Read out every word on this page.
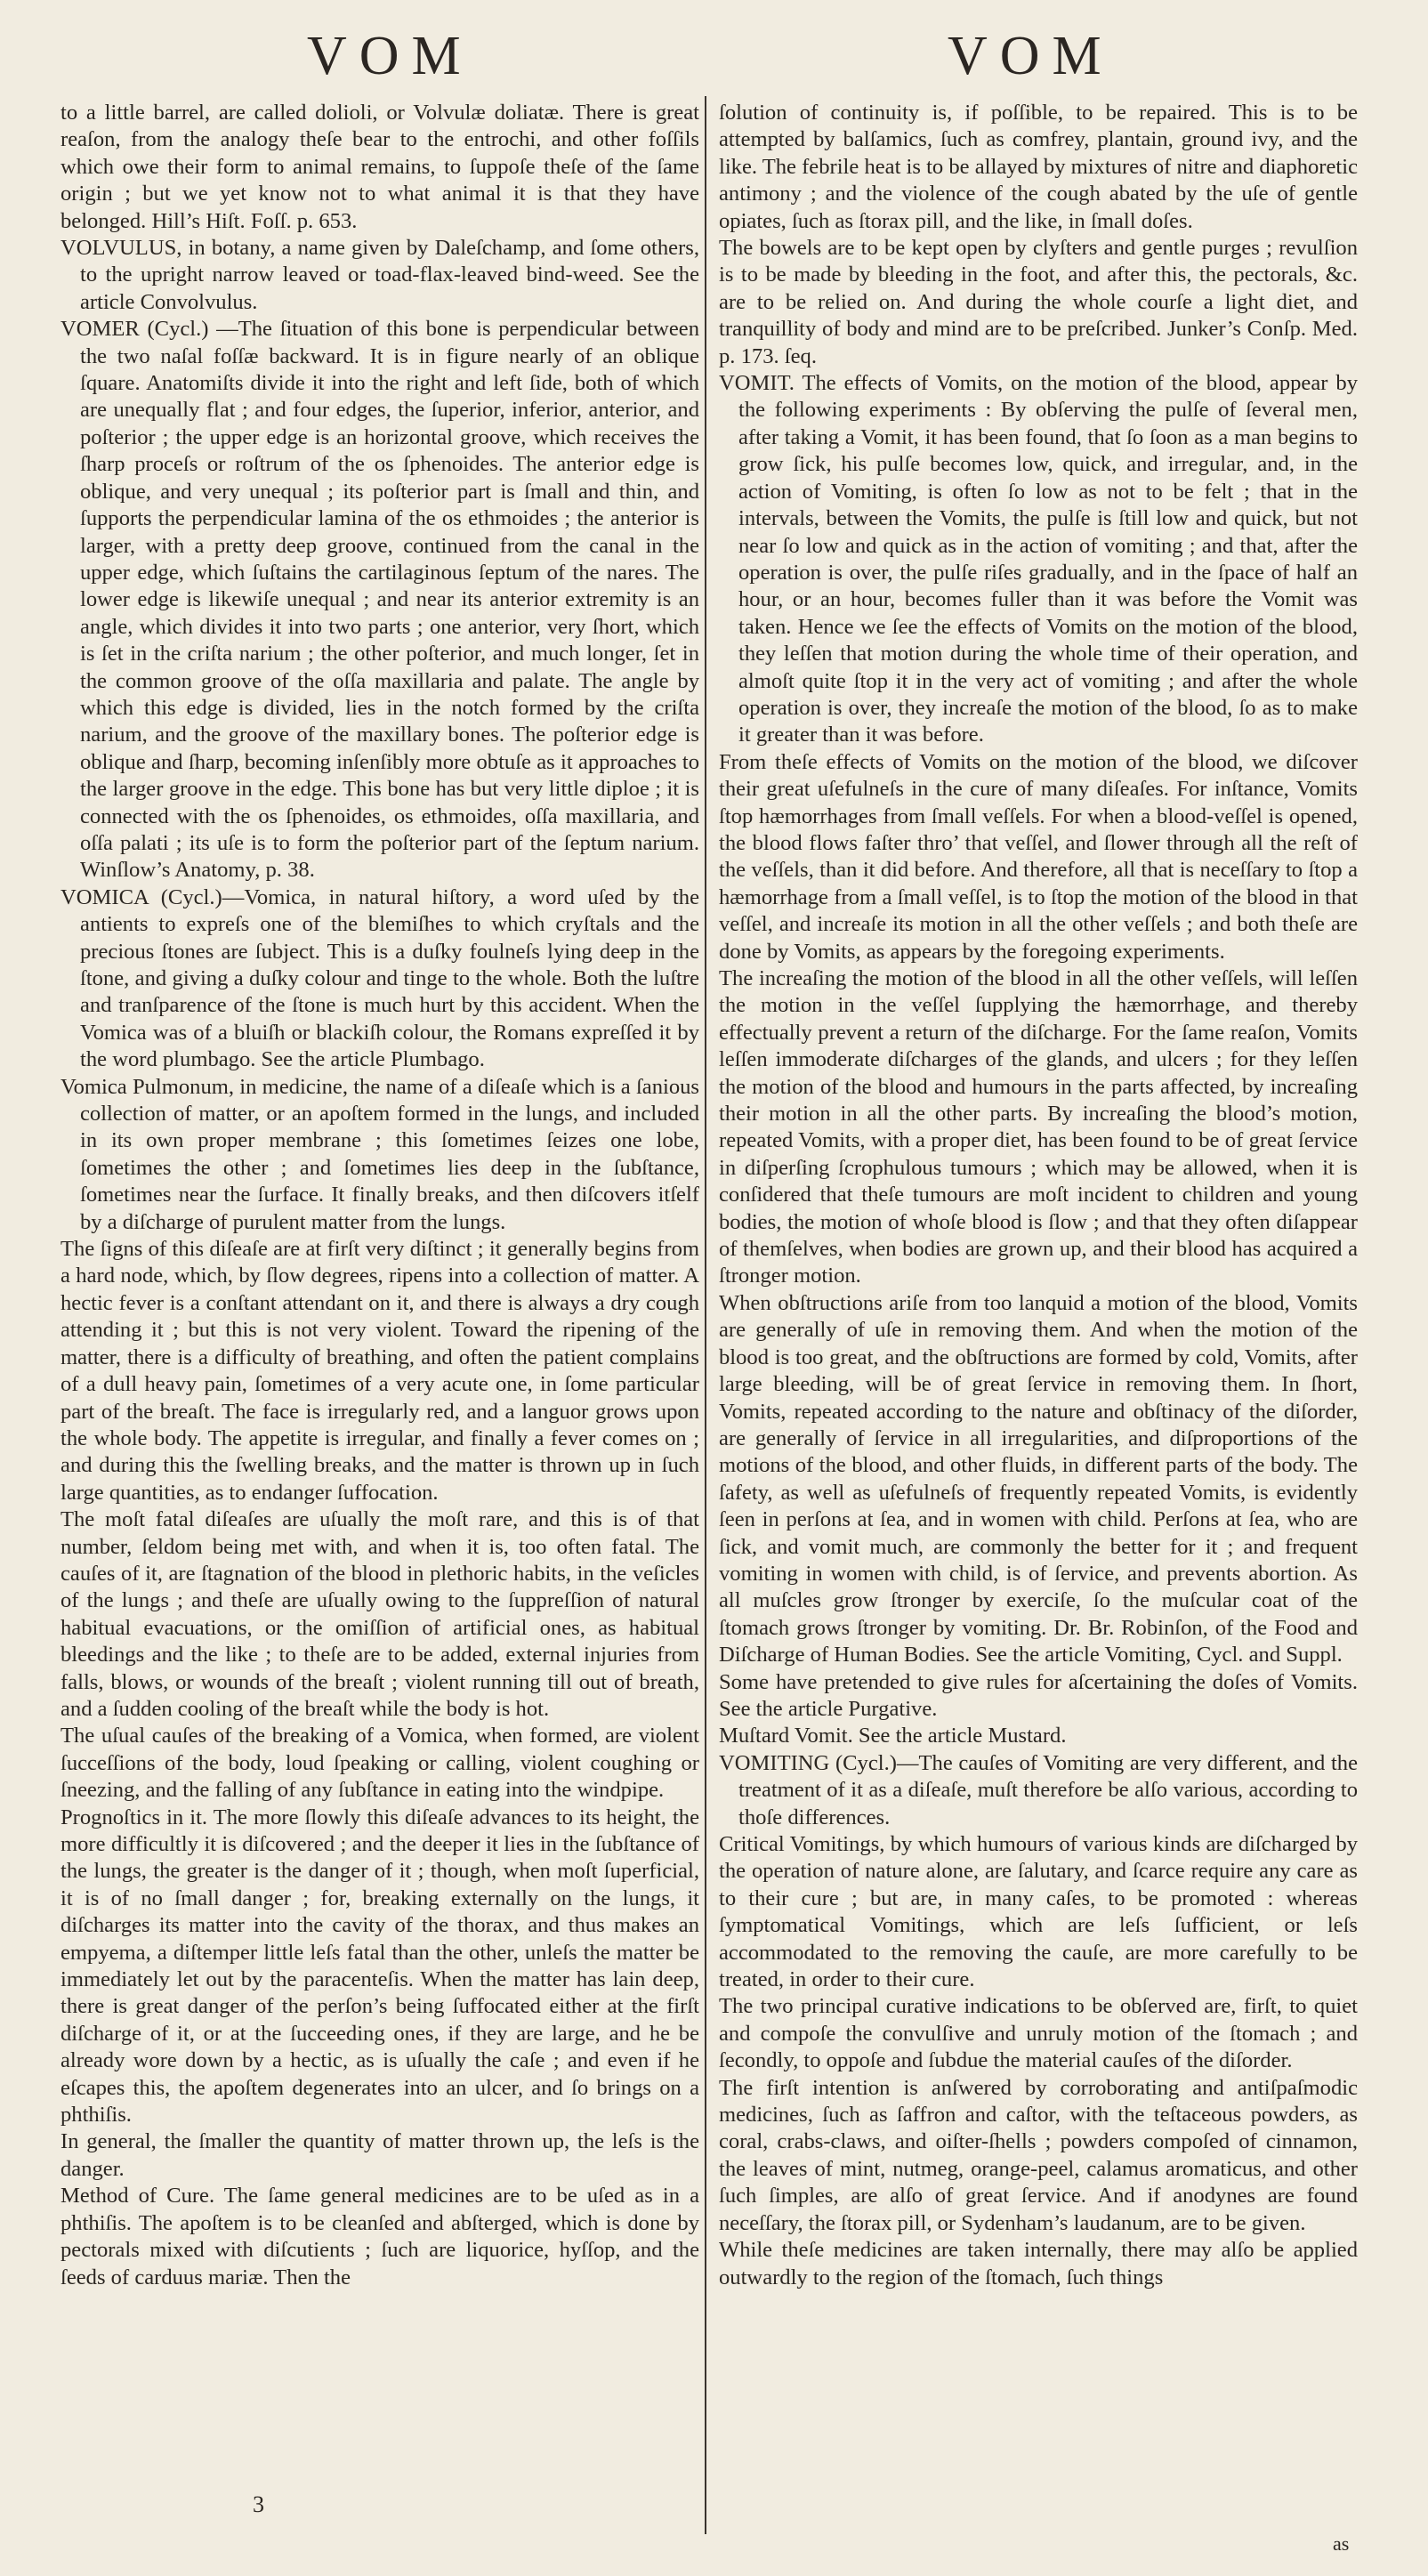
VOM	VOM

to a little barrel, are called dolioli, or Volvulæ doliatæ. There is great reaſon, from the analogy theſe bear to the entrochi, and other foſſils which owe their form to animal remains, to ſuppoſe theſe of the ſame origin ; but we yet know not to what animal it is that they have belonged. Hill’s Hiſt. Foſſ. p. 653.

VOLVULUS, in botany, a name given by Daleſchamp, and ſome others, to the upright narrow leaved or toad-flax-leaved bind-weed. See the article Convolvulus.

VOMER (Cycl.) —The ſituation of this bone is perpendicular between the two naſal foſſæ backward. It is in figure nearly of an oblique ſquare. Anatomiſts divide it into the right and left ſide, both of which are unequally flat ; and four edges, the ſuperior, inferior, anterior, and poſterior ; the upper edge is an horizontal groove, which receives the ſharp proceſs or roſtrum of the os ſphenoides. The anterior edge is oblique, and very unequal ; its poſterior part is ſmall and thin, and ſupports the perpendicular lamina of the os ethmoides ; the anterior is larger, with a pretty deep groove, continued from the canal in the upper edge, which ſuſtains the cartilaginous ſeptum of the nares. The lower edge is likewiſe unequal ; and near its anterior extremity is an angle, which divides it into two parts ; one anterior, very ſhort, which is ſet in the criſta narium ; the other poſterior, and much longer, ſet in the common groove of the oſſa maxillaria and palate. The angle by which this edge is divided, lies in the notch formed by the criſta narium, and the groove of the maxillary bones. The poſterior edge is oblique and ſharp, becoming inſenſibly more obtuſe as it approaches to the larger groove in the edge. This bone has but very little diploe ; it is connected with the os ſphenoides, os ethmoides, oſſa maxillaria, and oſſa palati ; its uſe is to form the poſterior part of the ſeptum narium. Winſlow’s Anatomy, p. 38.

VOMICA (Cycl.)—Vomica, in natural hiſtory, a word uſed by the antients to expreſs one of the blemiſhes to which cryſtals and the precious ſtones are ſubject. This is a duſky foulneſs lying deep in the ſtone, and giving a duſky colour and tinge to the whole. Both the luſtre and tranſparence of the ſtone is much hurt by this accident. When the Vomica was of a bluiſh or blackiſh colour, the Romans expreſſed it by the word plumbago. See the article Plumbago.

Vomica Pulmonum, in medicine, the name of a diſeaſe which is a ſanious collection of matter, or an apoſtem formed in the lungs, and included in its own proper membrane ; this ſometimes ſeizes one lobe, ſometimes the other ; and ſometimes lies deep in the ſubſtance, ſometimes near the ſurface. It finally breaks, and then diſcovers itſelf by a diſcharge of purulent matter from the lungs.

The ſigns of this diſeaſe are at firſt very diſtinct ; it generally begins from a hard node, which, by ſlow degrees, ripens into a collection of matter. A hectic fever is a conſtant attendant on it, and there is always a dry cough attending it ; but this is not very violent. Toward the ripening of the matter, there is a difficulty of breathing, and often the patient complains of a dull heavy pain, ſometimes of a very acute one, in ſome particular part of the breaſt. The face is irregularly red, and a languor grows upon the whole body. The appetite is irregular, and finally a fever comes on ; and during this the ſwelling breaks, and the matter is thrown up in ſuch large quantities, as to endanger ſuffocation.

The moſt fatal diſeaſes are uſually the moſt rare, and this is of that number, ſeldom being met with, and when it is, too often fatal. The cauſes of it, are ſtagnation of the blood in plethoric habits, in the veſicles of the lungs ; and theſe are uſually owing to the ſuppreſſion of natural habitual evacuations, or the omiſſion of artificial ones, as habitual bleedings and the like ; to theſe are to be added, external injuries from falls, blows, or wounds of the breaſt ; violent running till out of breath, and a ſudden cooling of the breaſt while the body is hot.

The uſual cauſes of the breaking of a Vomica, when formed, are violent ſucceſſions of the body, loud ſpeaking or calling, violent coughing or ſneezing, and the falling of any ſubſtance in eating into the windpipe.

Prognoſtics in it. The more ſlowly this diſeaſe advances to its height, the more difficultly it is diſcovered ; and the deeper it lies in the ſubſtance of the lungs, the greater is the danger of it ; though, when moſt ſuperficial, it is of no ſmall danger ; for, breaking externally on the lungs, it diſcharges its matter into the cavity of the thorax, and thus makes an empyema, a diſtemper little leſs fatal than the other, unleſs the matter be immediately let out by the paracenteſis. When the matter has lain deep, there is great danger of the perſon’s being ſuffocated either at the firſt diſcharge of it, or at the ſucceeding ones, if they are large, and he be already wore down by a hectic, as is uſually the caſe ; and even if he eſcapes this, the apoſtem degenerates into an ulcer, and ſo brings on a phthiſis.

In general, the ſmaller the quantity of matter thrown up, the leſs is the danger.

Method of Cure. The ſame general medicines are to be uſed as in a phthiſis. The apoſtem is to be cleanſed and abſterged, which is done by pectorals mixed with diſcutients ; ſuch are liquorice, hyſſop, and the ſeeds of carduus mariæ. Then the

ſolution of continuity is, if poſſible, to be repaired. This is to be attempted by balſamics, ſuch as comfrey, plantain, ground ivy, and the like. The febrile heat is to be allayed by mixtures of nitre and diaphoretic antimony ; and the violence of the cough abated by the uſe of gentle opiates, ſuch as ſtorax pill, and the like, in ſmall doſes.

The bowels are to be kept open by clyſters and gentle purges ; revulſion is to be made by bleeding in the foot, and after this, the pectorals, &c. are to be relied on. And during the whole courſe a light diet, and tranquillity of body and mind are to be preſcribed. Junker’s Conſp. Med. p. 173. ſeq.

VOMIT. The effects of Vomits, on the motion of the blood, appear by the following experiments : By obſerving the pulſe of ſeveral men, after taking a Vomit, it has been found, that ſo ſoon as a man begins to grow ſick, his pulſe becomes low, quick, and irregular, and, in the action of Vomiting, is often ſo low as not to be felt ; that in the intervals, between the Vomits, the pulſe is ſtill low and quick, but not near ſo low and quick as in the action of vomiting ; and that, after the operation is over, the pulſe riſes gradually, and in the ſpace of half an hour, or an hour, becomes fuller than it was before the Vomit was taken. Hence we ſee the effects of Vomits on the motion of the blood, they leſſen that motion during the whole time of their operation, and almoſt quite ſtop it in the very act of vomiting ; and after the whole operation is over, they increaſe the motion of the blood, ſo as to make it greater than it was before.

From theſe effects of Vomits on the motion of the blood, we diſcover their great uſefulneſs in the cure of many diſeaſes. For inſtance, Vomits ſtop hæmorrhages from ſmall veſſels. For when a blood-veſſel is opened, the blood flows faſter thro’ that veſſel, and ſlower through all the reſt of the veſſels, than it did before. And therefore, all that is neceſſary to ſtop a hæmorrhage from a ſmall veſſel, is to ſtop the motion of the blood in that veſſel, and increaſe its motion in all the other veſſels ; and both theſe are done by Vomits, as appears by the foregoing experiments.

The increaſing the motion of the blood in all the other veſſels, will leſſen the motion in the veſſel ſupplying the hæmorrhage, and thereby effectually prevent a return of the diſcharge. For the ſame reaſon, Vomits leſſen immoderate diſcharges of the glands, and ulcers ; for they leſſen the motion of the blood and humours in the parts affected, by increaſing their motion in all the other parts. By increaſing the blood’s motion, repeated Vomits, with a proper diet, has been found to be of great ſervice in diſperſing ſcrophulous tumours ; which may be allowed, when it is conſidered that theſe tumours are moſt incident to children and young bodies, the motion of whoſe blood is ſlow ; and that they often diſappear of themſelves, when bodies are grown up, and their blood has acquired a ſtronger motion.

When obſtructions ariſe from too lanquid a motion of the blood, Vomits are generally of uſe in removing them. And when the motion of the blood is too great, and the obſtructions are formed by cold, Vomits, after large bleeding, will be of great ſervice in removing them. In ſhort, Vomits, repeated according to the nature and obſtinacy of the diſorder, are generally of ſervice in all irregularities, and diſproportions of the motions of the blood, and other fluids, in different parts of the body. The ſafety, as well as uſefulneſs of frequently repeated Vomits, is evidently ſeen in perſons at ſea, and in women with child. Perſons at ſea, who are ſick, and vomit much, are commonly the better for it ; and frequent vomiting in women with child, is of ſervice, and prevents abortion. As all muſcles grow ſtronger by exerciſe, ſo the muſcular coat of the ſtomach grows ſtronger by vomiting. Dr. Br. Robinſon, of the Food and Diſcharge of Human Bodies. See the article Vomiting, Cycl. and Suppl.

Some have pretended to give rules for aſcertaining the doſes of Vomits. See the article Purgative.

Muſtard Vomit. See the article Mustard.

VOMITING (Cycl.)—The cauſes of Vomiting are very different, and the treatment of it as a diſeaſe, muſt therefore be alſo various, according to thoſe differences.

Critical Vomitings, by which humours of various kinds are diſcharged by the operation of nature alone, are ſalutary, and ſcarce require any care as to their cure ; but are, in many caſes, to be promoted : whereas ſymptomatical Vomitings, which are leſs ſufficient, or leſs accommodated to the removing the cauſe, are more carefully to be treated, in order to their cure.

The two principal curative indications to be obſerved are, firſt, to quiet and compoſe the convulſive and unruly motion of the ſtomach ; and ſecondly, to oppoſe and ſubdue the material cauſes of the diſorder.

The firſt intention is anſwered by corroborating and antiſpaſmodic medicines, ſuch as ſaffron and caſtor, with the teſtaceous powders, as coral, crabs-claws, and oiſter-ſhells ; powders compoſed of cinnamon, the leaves of mint, nutmeg, orange-peel, calamus aromaticus, and other ſuch ſimples, are alſo of great ſervice. And if anodynes are found neceſſary, the ſtorax pill, or Sydenham’s laudanum, are to be given.

While theſe medicines are taken internally, there may alſo be applied outwardly to the region of the ſtomach, ſuch things

3
as
